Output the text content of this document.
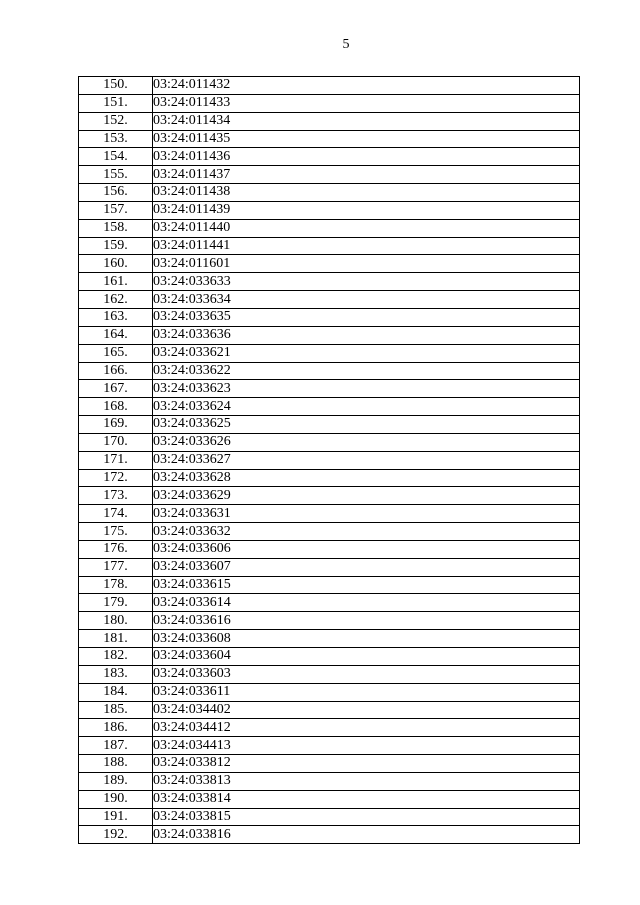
5
150.	03:24:011432
151.	03:24:011433
152.	03:24:011434
153.	03:24:011435
154.	03:24:011436
155.	03:24:011437
156.	03:24:011438
157.	03:24:011439
158.	03:24:011440
159.	03:24:011441
160.	03:24:011601
161.	03:24:033633
162.	03:24:033634
163.	03:24:033635
164.	03:24:033636
165.	03:24:033621
166.	03:24:033622
167.	03:24:033623
168.	03:24:033624
169.	03:24:033625
170.	03:24:033626
171.	03:24:033627
172.	03:24:033628
173.	03:24:033629
174.	03:24:033631
175.	03:24:033632
176.	03:24:033606
177.	03:24:033607
178.	03:24:033615
179.	03:24:033614
180.	03:24:033616
181.	03:24:033608
182.	03:24:033604
183.	03:24:033603
184.	03:24:033611
185.	03:24:034402
186.	03:24:034412
187.	03:24:034413
188.	03:24:033812
189.	03:24:033813
190.	03:24:033814
191.	03:24:033815
192.	03:24:033816
